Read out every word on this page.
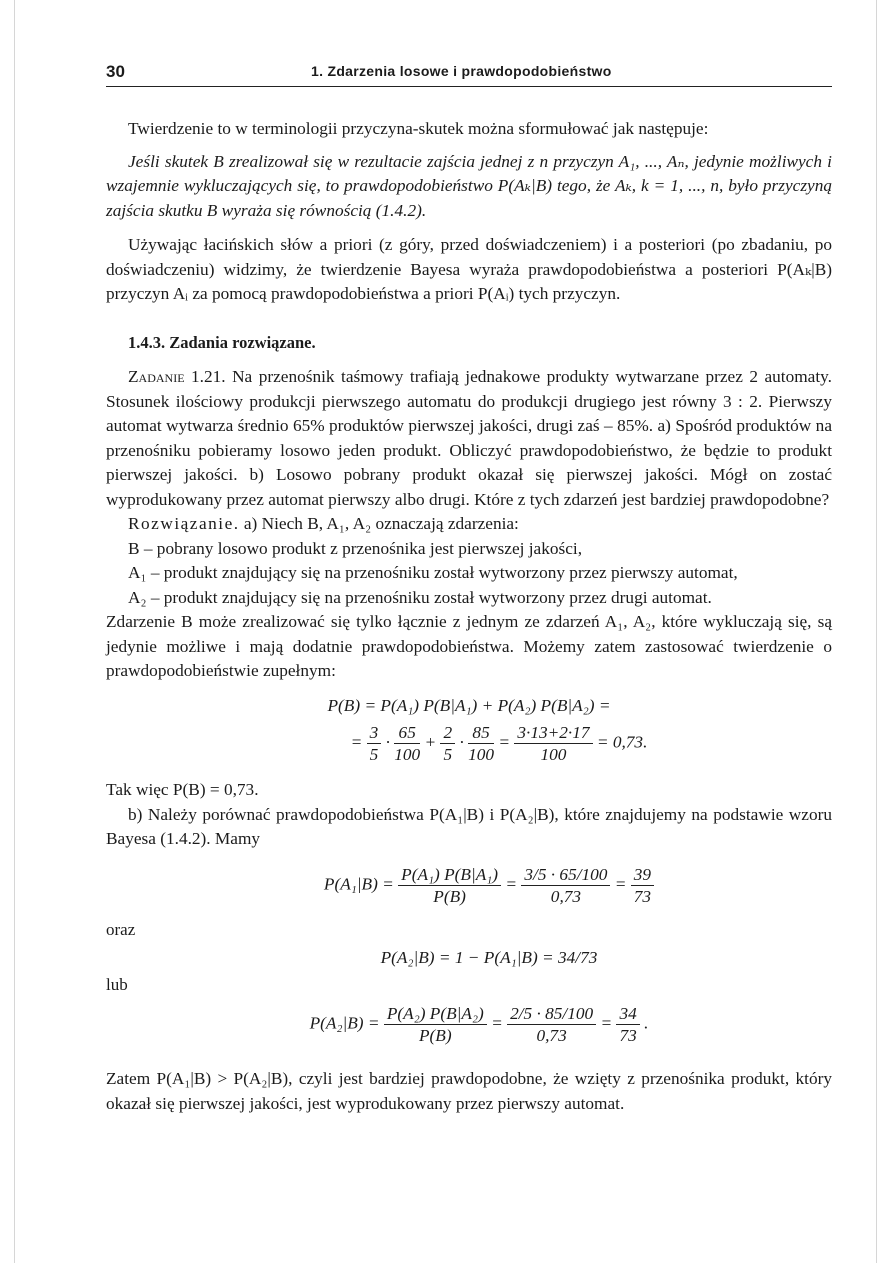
30	1. Zdarzenia losowe i prawdopodobieństwo

Twierdzenie to w terminologii przyczyna-skutek można sformułować jak następuje:

Jeśli skutek B zrealizował się w rezultacie zajścia jednej z n przyczyn A₁, ..., Aₙ, jedynie możliwych i wzajemnie wykluczających się, to prawdopodobieństwo P(Aₖ|B) tego, że Aₖ, k = 1, ..., n, było przyczyną zajścia skutku B wyraża się równością (1.4.2).

Używając łacińskich słów a priori (z góry, przed doświadczeniem) i a posteriori (po zbadaniu, po doświadczeniu) widzimy, że twierdzenie Bayesa wyraża prawdopodobieństwa a posteriori P(Aₖ|B) przyczyn Aᵢ za pomocą prawdopodobieństwa a priori P(Aᵢ) tych przyczyn.

1.4.3. Zadania rozwiązane.

Zadanie 1.21. Na przenośnik taśmowy trafiają jednakowe produkty wytwarzane przez 2 automaty. Stosunek ilościowy produkcji pierwszego automatu do produkcji drugiego jest równy 3 : 2. Pierwszy automat wytwarza średnio 65% produktów pierwszej jakości, drugi zaś – 85%. a) Spośród produktów na przenośniku pobieramy losowo jeden produkt. Obliczyć prawdopodobieństwo, że będzie to produkt pierwszej jakości. b) Losowo pobrany produkt okazał się pierwszej jakości. Mógł on zostać wyprodukowany przez automat pierwszy albo drugi. Które z tych zdarzeń jest bardziej prawdopodobne?

Rozwiązanie. a) Niech B, A₁, A₂ oznaczają zdarzenia:

B – pobrany losowo produkt z przenośnika jest pierwszej jakości,

A₁ – produkt znajdujący się na przenośniku został wytworzony przez pierwszy automat,

A₂ – produkt znajdujący się na przenośniku został wytworzony przez drugi automat.

Zdarzenie B może zrealizować się tylko łącznie z jednym ze zdarzeń A₁, A₂, które wykluczają się, są jedynie możliwe i mają dodatnie prawdopodobieństwa. Możemy zatem zastosować twierdzenie o prawdopodobieństwie zupełnym:

P(B) = P(A₁) P(B|A₁) + P(A₂) P(B|A₂) =

= $\frac{3}{5} \cdot \frac{65}{100} + \frac{2}{5} \cdot \frac{85}{100} = \frac{3\cdot 13+2\cdot 17}{100} = 0,73$.

Tak więc P(B) = 0,73.

b) Należy porównać prawdopodobieństwa P(A₁|B) i P(A₂|B), które znajdujemy na podstawie wzoru Bayesa (1.4.2). Mamy

$P(A_1|B) = \frac{\text{P(A₁) P(B|A₁)}}{P(B)} = \frac{3/5 \cdot 65/100}{0,73} = \frac{39}{73}$

oraz

P(A₂|B) = 1 − P(A₁|B) = 34/73

lub

$P(A_2|B) = \frac{\text{P(A₂) P(B|A₂)}}{P(B)} = \frac{2/5 \cdot 85/100}{0,73} = \frac{34}{73}$ .

Zatem P(A₁|B) > P(A₂|B), czyli jest bardziej prawdopodobne, że wzięty z przenośnika produkt, który okazał się pierwszej jakości, jest wyprodukowany przez pierwszy automat.
